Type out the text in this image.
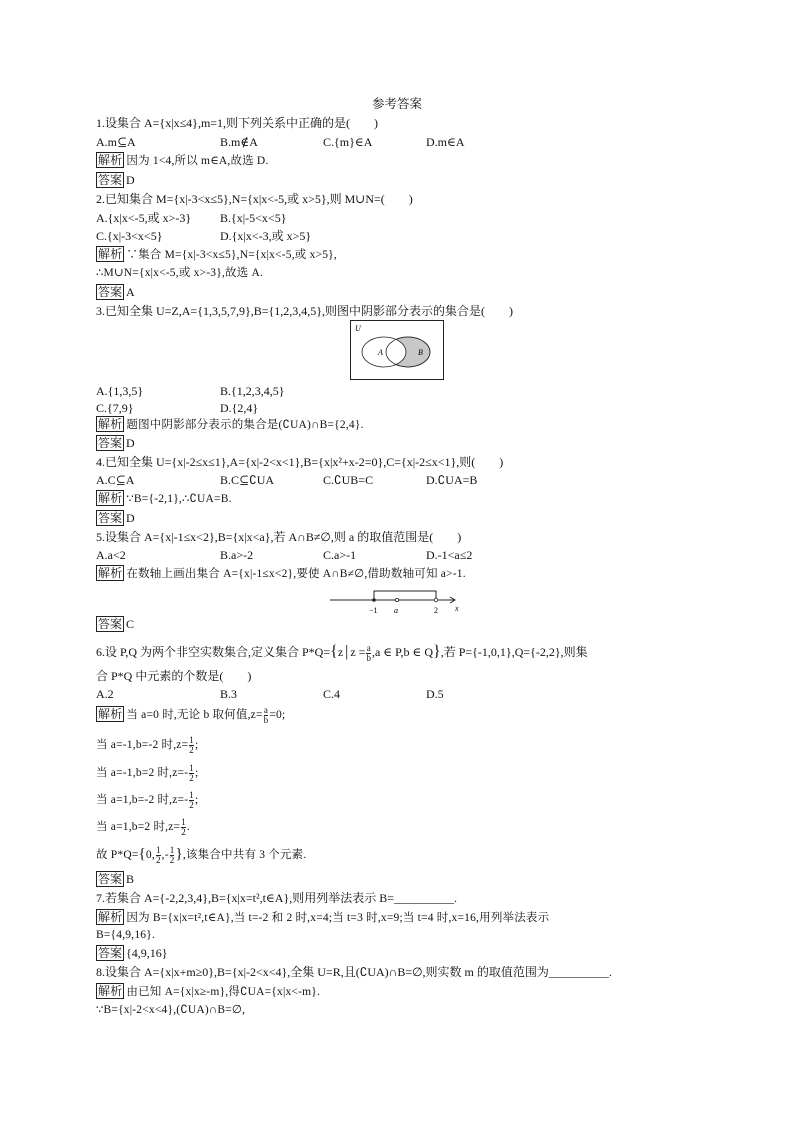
参考答案
1.设集合 A={x|x≤4},m=1,则下列关系中正确的是(　　)
A.m⊆A	B.m∉A	C.{m}∈A	D.m∈A
解析 因为 1<4,所以 m∈A,故选 D.
答案 D
2.已知集合 M={x|-3<x≤5},N={x|x<-5,或 x>5},则 M∪N=(　　)
A.{x|x<-5,或 x>-3} B.{x|-5<x<5}
C.{x|-3<x<5}	D.{x|x<-3,或 x>5}
解析 ∵集合 M={x|-3<x≤5},N={x|x<-5,或 x>5},
∴M∪N={x|x<-5,或 x>-3},故选 A.
答案 A
3.已知全集 U=Z,A={1,3,5,7,9},B={1,2,3,4,5},则图中阴影部分表示的集合是(　　)
U
A	B
A.{1,3,5}	B.{1,2,3,4,5}
C.{7,9}	D.{2,4}
解析 题图中阴影部分表示的集合是(∁UA)∩B={2,4}.
答案 D
4.已知全集 U={x|-2≤x≤1},A={x|-2<x<1},B={x|x²+x-2=0},C={x|-2≤x<1},则(　　)
A.C⊆A	B.C⊆∁UA	C.∁UB=C	D.∁UA=B
解析 ∵B={-2,1},∴∁UA=B.
答案 D
5.设集合 A={x|-1≤x<2},B={x|x<a},若 A∩B≠∅,则 a 的取值范围是(　　)
A.a<2	B.a>-2	C.a>-1	D.-1<a≤2
解析 在数轴上画出集合 A={x|-1≤x<2},要使 A∩B≠∅,借助数轴可知 a>-1.
−1 a	2 x
答案 C
6.设 P,Q 为两个非空实数集合,定义集合 P*Q={z | $z = \frac{a}{b} ,a$ ∈ P,b ∈ Q},若 P={-1,0,1},Q={-2,2},则集
合 P*Q 中元素的个数是(　　)
A.2	B.3	C.4	D.5
解析 当 a=0 时,无论 b 取何值$,z= \frac{a}{b} =0$;
当 a=-1,b=-2 时$,z= \frac{1}{2}$ ;
当 a=-1,b=2 时$,z=- \frac{1}{2}$ ;
当 a=1,b=-2 时$,z=- \frac{1}{2}$ ;
当 a=1,b=2 时$,z= \frac{1}{2}$ .
故 P*Q={0, $\frac{1}{2}$ ,- $\frac{1}{2}$ },该集合中共有 3 个元素.
答案 B
7.若集合 A={-2,2,3,4},B={x|x=t²,t∈A},则用列举法表示 B=__________.
解析 因为 B={x|x=t²,t∈A},当 t=-2 和 2 时,x=4;当 t=3 时,x=9;当 t=4 时,x=16,用列举法表示
B={4,9,16}.
答案 {4,9,16}
8.设集合 A={x|x+m≥0},B={x|-2<x<4},全集 U=R,且(∁UA)∩B=∅,则实数 m 的取值范围为__________.
解析 由已知 A={x|x≥-m},得∁UA={x|x<-m}.
∵B={x|-2<x<4},(∁UA)∩B=∅,
